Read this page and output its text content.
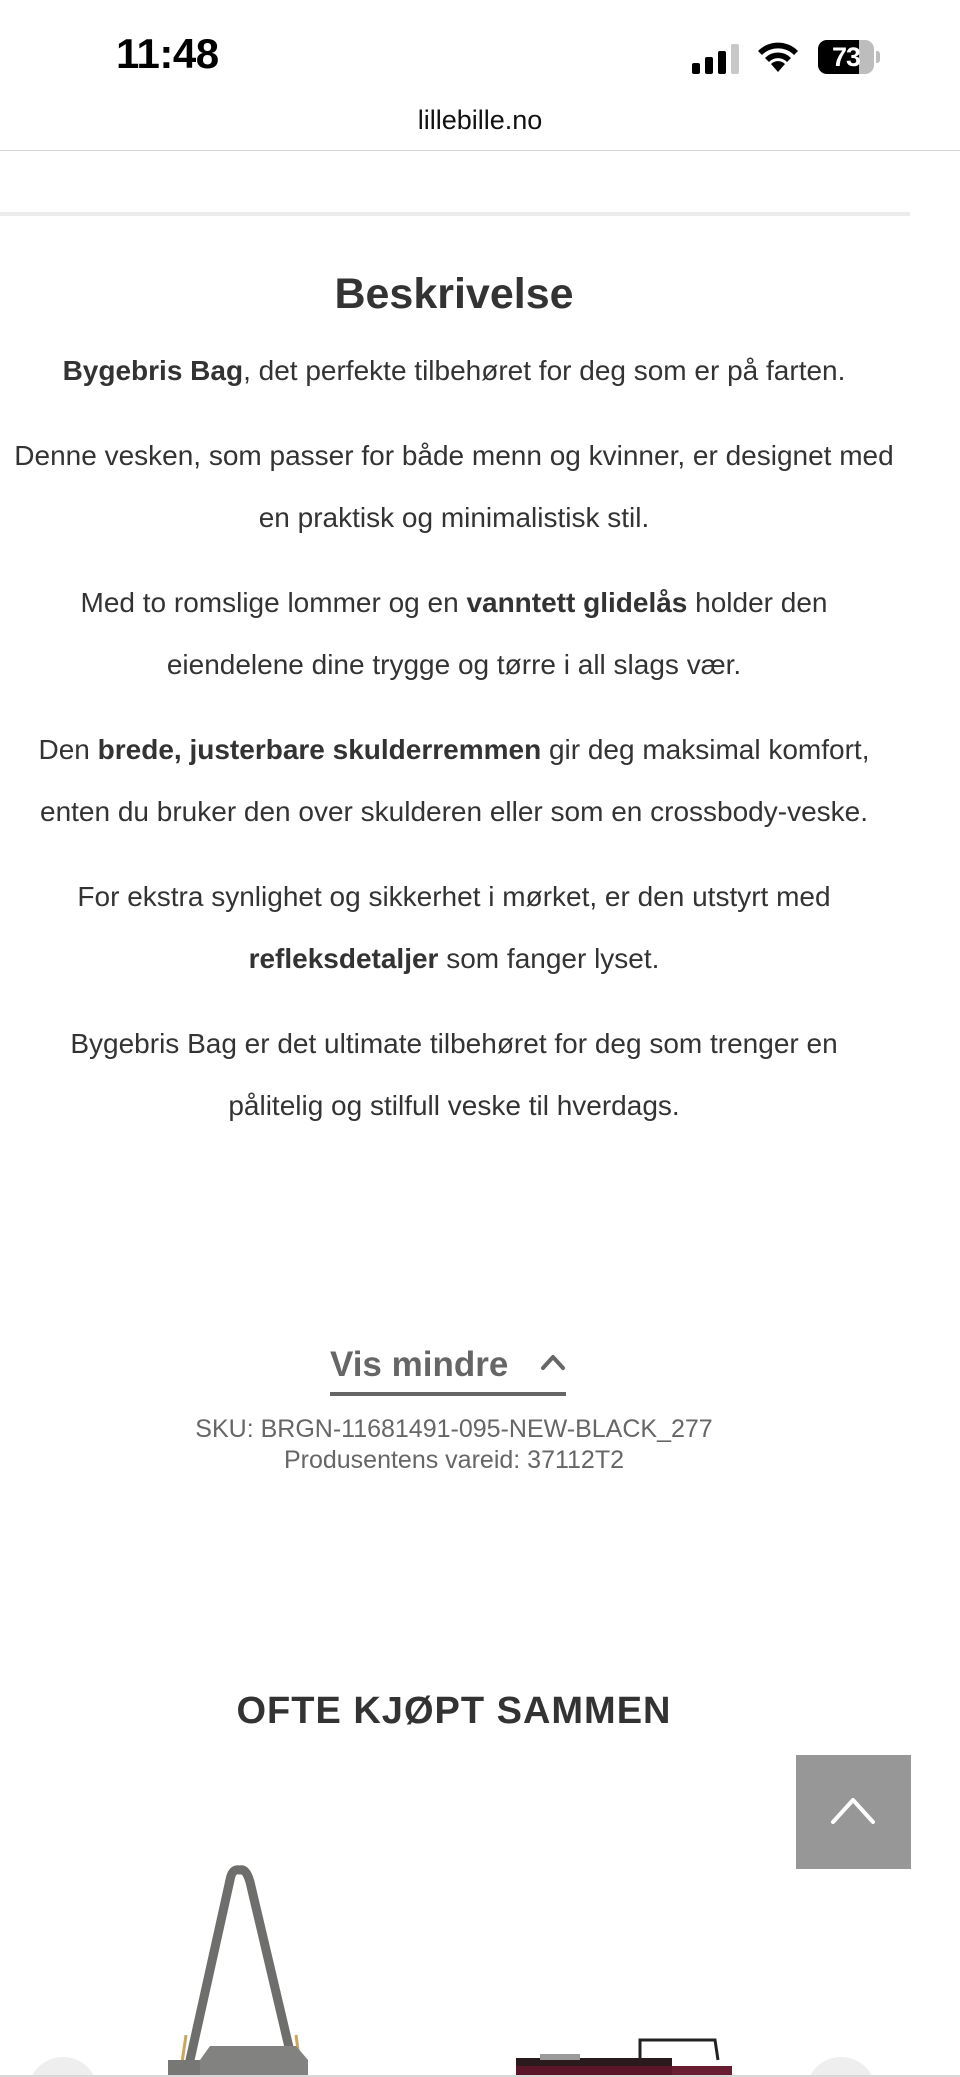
11:48	73
lillebille.no
Beskrivelse

Bygebris Bag, det perfekte tilbehøret for deg som er på farten.

Denne vesken, som passer for både menn og kvinner, er designet med en praktisk og minimalistisk stil.

Med to romslige lommer og en vanntett glidelås holder den eiendelene dine trygge og tørre i all slags vær.

Den brede, justerbare skulderremmen gir deg maksimal komfort, enten du bruker den over skulderen eller som en crossbody-veske.

For ekstra synlighet og sikkerhet i mørket, er den utstyrt med refleksdetaljer som fanger lyset.

Bygebris Bag er det ultimate tilbehøret for deg som trenger en pålitelig og stilfull veske til hverdags.

Vis mindre
SKU: BRGN-11681491-095-NEW-BLACK_277
Produsentens vareid: 37112T2
OFTE KJØPT SAMMEN
